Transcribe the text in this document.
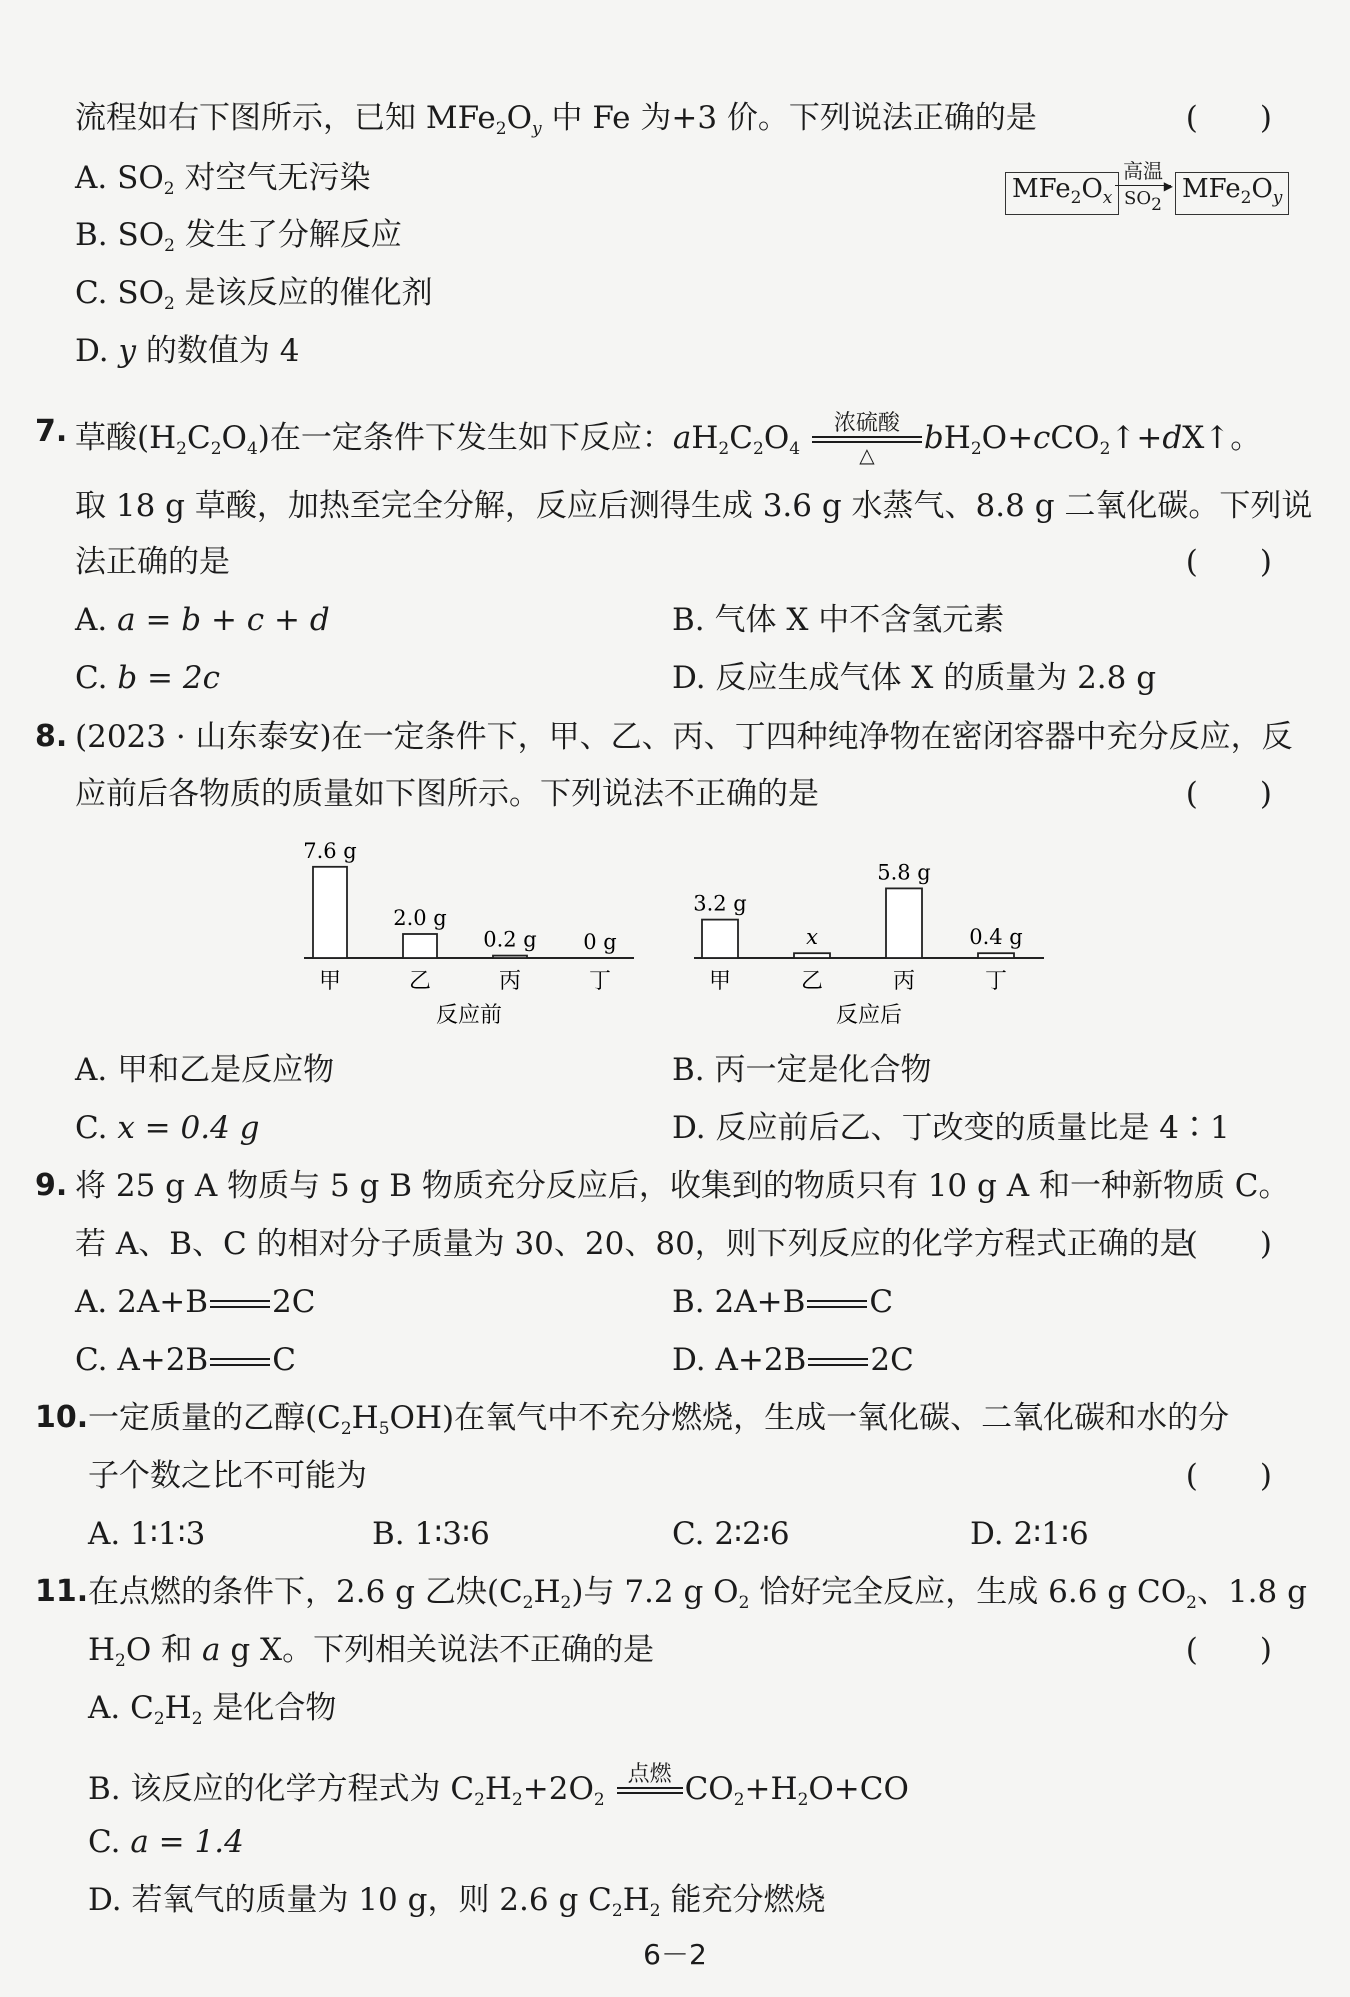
流程如右下图所示，已知 $MFe_2O_y$ 中 Fe 为+3 价。下列说法正确的是	(　　)
A. $SO_2$ 对空气无污染
B. $SO_2$ 发生了分解反应
C. $SO_2$ 是该反应的催化剂
D. y 的数值为 4
$MFe_2O_x$
高温
▶
$SO_2$
$MFe_2O_y$
7. 草酸$(H_2C_2O_4)$在一定条件下发生如下反应：$aH_2C_2O_4$
浓硫酸
△	$bH_2O+cCO_2↑+dX↑$。
取 18 g 草酸，加热至完全分解，反应后测得生成 3.6 g 水蒸气、8.8 g 二氧化碳。下列说
法正确的是	(　　)
A. a = b + c + d	B. 气体 X 中不含氢元素
C. b = 2c	D. 反应生成气体 X 的质量为 2.8 g
8. (2023 · 山东泰安)在一定条件下，甲、乙、丙、丁四种纯净物在密闭容器中充分反应，反
应前后各物质的质量如下图所示。下列说法不正确的是	(　　)
7.6 g
甲
2.0 g
乙
0.2 g
丙
0 g
丁
反应前
3.2 g
甲
x
乙
5.8 g
丙
0.4 g
丁
反应后
A. 甲和乙是反应物	B. 丙一定是化合物
C. x = 0.4 g	D. 反应前后乙、丁改变的质量比是 4∶1
9. 将 25 g A 物质与 5 g B 物质充分反应后，收集到的物质只有 10 g A 和一种新物质 C。
若 A、B、C 的相对分子质量为 30、20、80，则下列反应的化学方程式正确的是
(　　)
A. 2A+B 2C	B. 2A+B C
C. A+2B C	D. A+2B 2C
10. 一定质量的乙醇$(C_2H_5OH)$在氧气中不充分燃烧，生成一氧化碳、二氧化碳和水的分
子个数之比不可能为	(　　)
A. 1∶1∶3	B. 1∶3∶6	C. 2∶2∶6	D. 2∶1∶6
11. 在点燃的条件下，2.6 g 乙炔$(C_2H_2)$与 7.2 g $O_2$ 恰好完全反应，生成 6.6 g $CO_2$、1.8 g
$H_2O$ 和 a g X。下列相关说法不正确的是	(　　)
A. $C_2H_2$ 是化合物
B. 该反应的化学方程式为 $C_2H_2+2O_2$
点燃
$CO_2+H_2O+CO$
C. a = 1.4
D. 若氧气的质量为 10 g，则 2.6 g $C_2H_2$ 能充分燃烧
6－2
